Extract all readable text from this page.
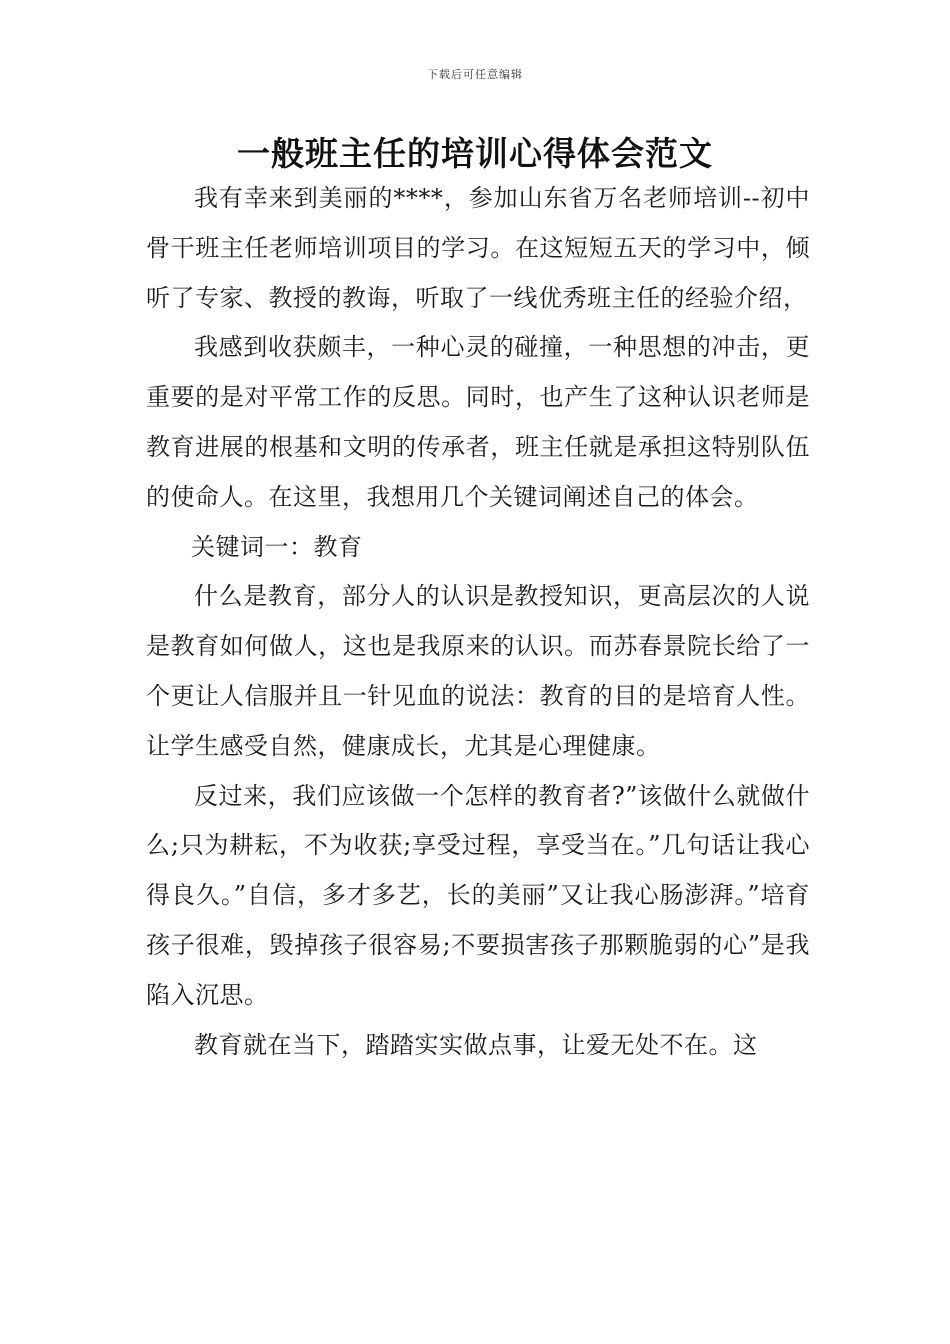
下载后可任意编辑
一般班主任的培训心得体会范文

我有幸来到美丽的****，参加山东省万名老师培训--初中骨干班主任老师培训项目的学习。在这短短五天的学习中，倾听了专家、教授的教诲，听取了一线优秀班主任的经验介绍，

我感到收获颇丰，一种心灵的碰撞，一种思想的冲击，更重要的是对平常工作的反思。同时，也产生了这种认识老师是教育进展的根基和文明的传承者，班主任就是承担这特别队伍的使命人。在这里，我想用几个关键词阐述自己的体会。

关键词一：教育

什么是教育，部分人的认识是教授知识，更高层次的人说是教育如何做人，这也是我原来的认识。而苏春景院长给了一个更让人信服并且一针见血的说法：教育的目的是培育人性。让学生感受自然，健康成长，尤其是心理健康。

反过来，我们应该做一个怎样的教育者?”该做什么就做什么;只为耕耘，不为收获;享受过程，享受当在。”几句话让我心得良久。”自信，多才多艺，长的美丽”又让我心肠澎湃。”培育孩子很难，毁掉孩子很容易;不要损害孩子那颗脆弱的心”是我陷入沉思。

教育就在当下，踏踏实实做点事，让爱无处不在。这
